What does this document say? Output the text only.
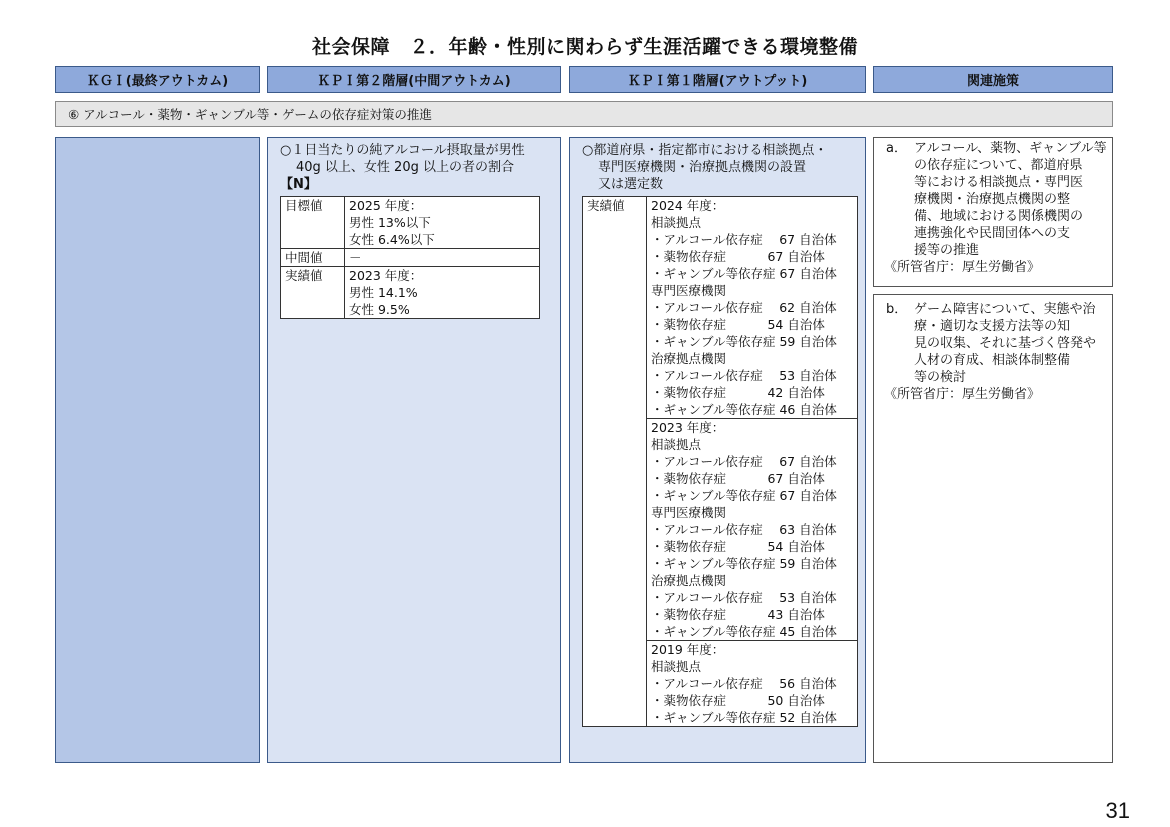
社会保障　２．年齢・性別に関わらず生涯活躍できる環境整備
ＫＧＩ(最終アウトカム)	ＫＰＩ第２階層(中間アウトカム)	ＫＰＩ第１階層(アウトプット)	関連施策
⑥ アルコール・薬物・ギャンブル等・ゲームの依存症対策の推進
○１日当たりの純アルコール摂取量が男性
40g 以上、女性 20g 以上の者の割合
【N】
目標値	2025 年度：
男性 13%以下
女性 6.4%以下

中間値	－

実績値	2023 年度：
男性 14.1%
女性 9.5%
○都道府県・指定都市における相談拠点・
専門医療機関・治療拠点機関の設置
又は選定数
実績値	2024 年度：
相談拠点
・アルコール依存症　 67 自治体
・薬物依存症　　　 67 自治体
・ギャンブル等依存症 67 自治体
専門医療機関
・アルコール依存症　 62 自治体
・薬物依存症　　　 54 自治体
・ギャンブル等依存症 59 自治体
治療拠点機関
・アルコール依存症　 53 自治体
・薬物依存症　　　 42 自治体
・ギャンブル等依存症 46 自治体

2023 年度：
相談拠点
・アルコール依存症　 67 自治体
・薬物依存症　　　 67 自治体
・ギャンブル等依存症 67 自治体
専門医療機関
・アルコール依存症　 63 自治体
・薬物依存症　　　 54 自治体
・ギャンブル等依存症 59 自治体
治療拠点機関
・アルコール依存症　 53 自治体
・薬物依存症　　　 43 自治体
・ギャンブル等依存症 45 自治体

2019 年度：
相談拠点
・アルコール依存症　 56 自治体
・薬物依存症　　　 50 自治体
・ギャンブル等依存症 52 自治体
a． アルコール、薬物、ギャンブル等
の依存症について、都道府県
等における相談拠点・専門医
療機関・治療拠点機関の整
備、地域における関係機関の
連携強化や民間団体への支
援等の推進
《所管省庁：厚生労働省》
b． ゲーム障害について、実態や治
療・適切な支援方法等の知
見の収集、それに基づく啓発や
人材の育成、相談体制整備
等の検討
《所管省庁：厚生労働省》
31
